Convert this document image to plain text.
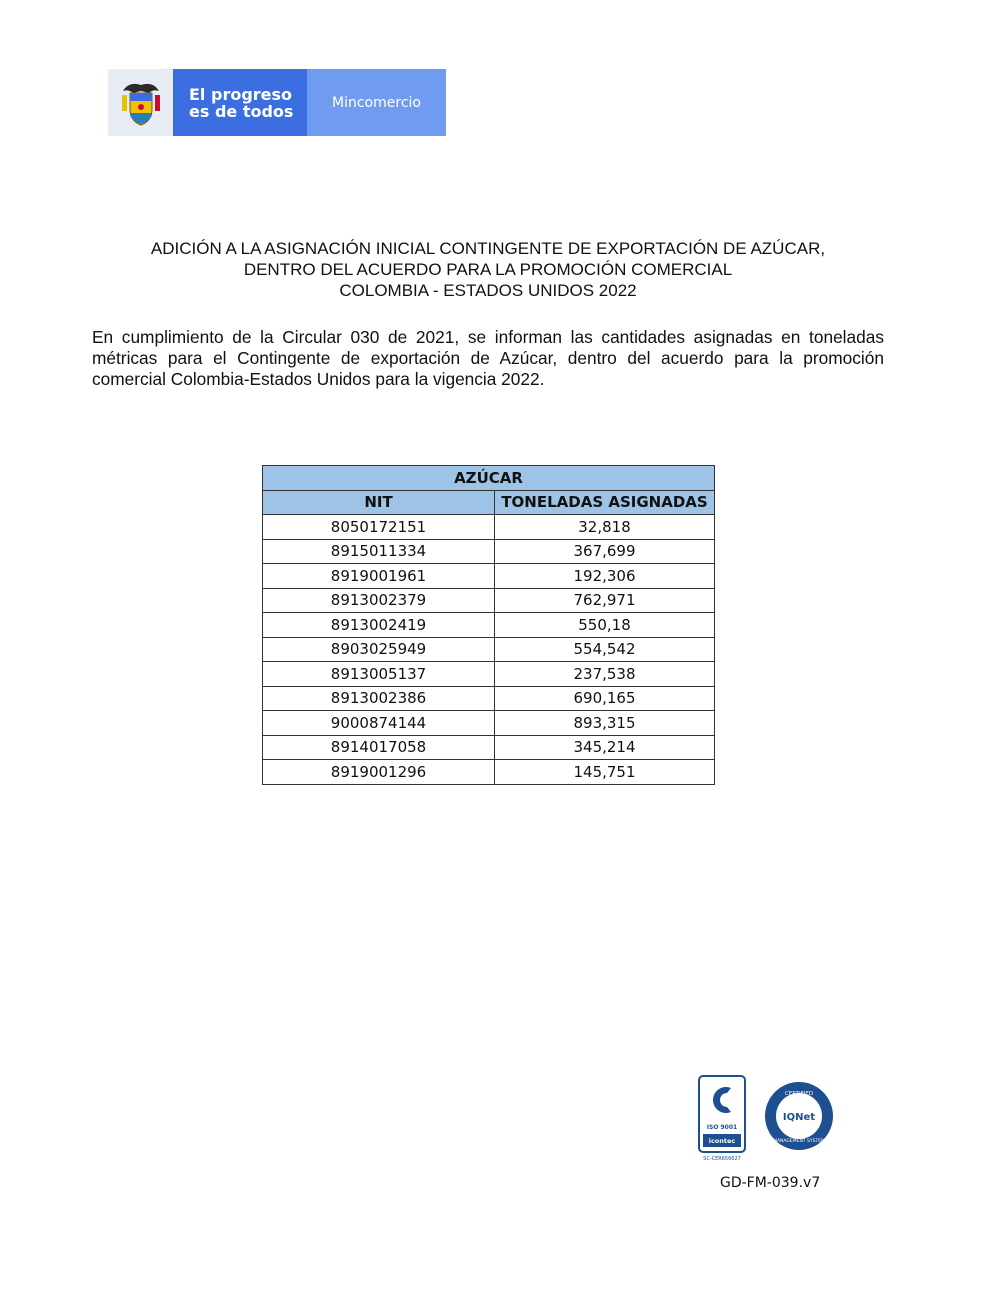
El progreso
es de todos	Mincomercio
ADICIÓN A LA ASIGNACIÓN INICIAL CONTINGENTE DE EXPORTACIÓN DE AZÚCAR,
DENTRO DEL ACUERDO PARA LA PROMOCIÓN COMERCIAL
COLOMBIA - ESTADOS UNIDOS 2022
En cumplimiento de la Circular 030 de 2021, se informan las cantidades asignadas en toneladas métricas para el Contingente de exportación de Azúcar, dentro del acuerdo para la promoción comercial Colombia-Estados Unidos para la vigencia 2022.
AZÚCAR	
NIT	TONELADAS ASIGNADAS
8050172151	32,818
8915011334	367,699
8919001961	192,306
8913002379	762,971
8913002419	550,18
8903025949	554,542
8913005137	237,538
8913002386	690,165
9000874144	893,315
8914017058	345,214
8919001296	145,751
ISO 9001
icontec
SC-CER656627
CERTIFIED
MANAGEMENT SYSTEM
IQNet
GD-FM-039.v7
